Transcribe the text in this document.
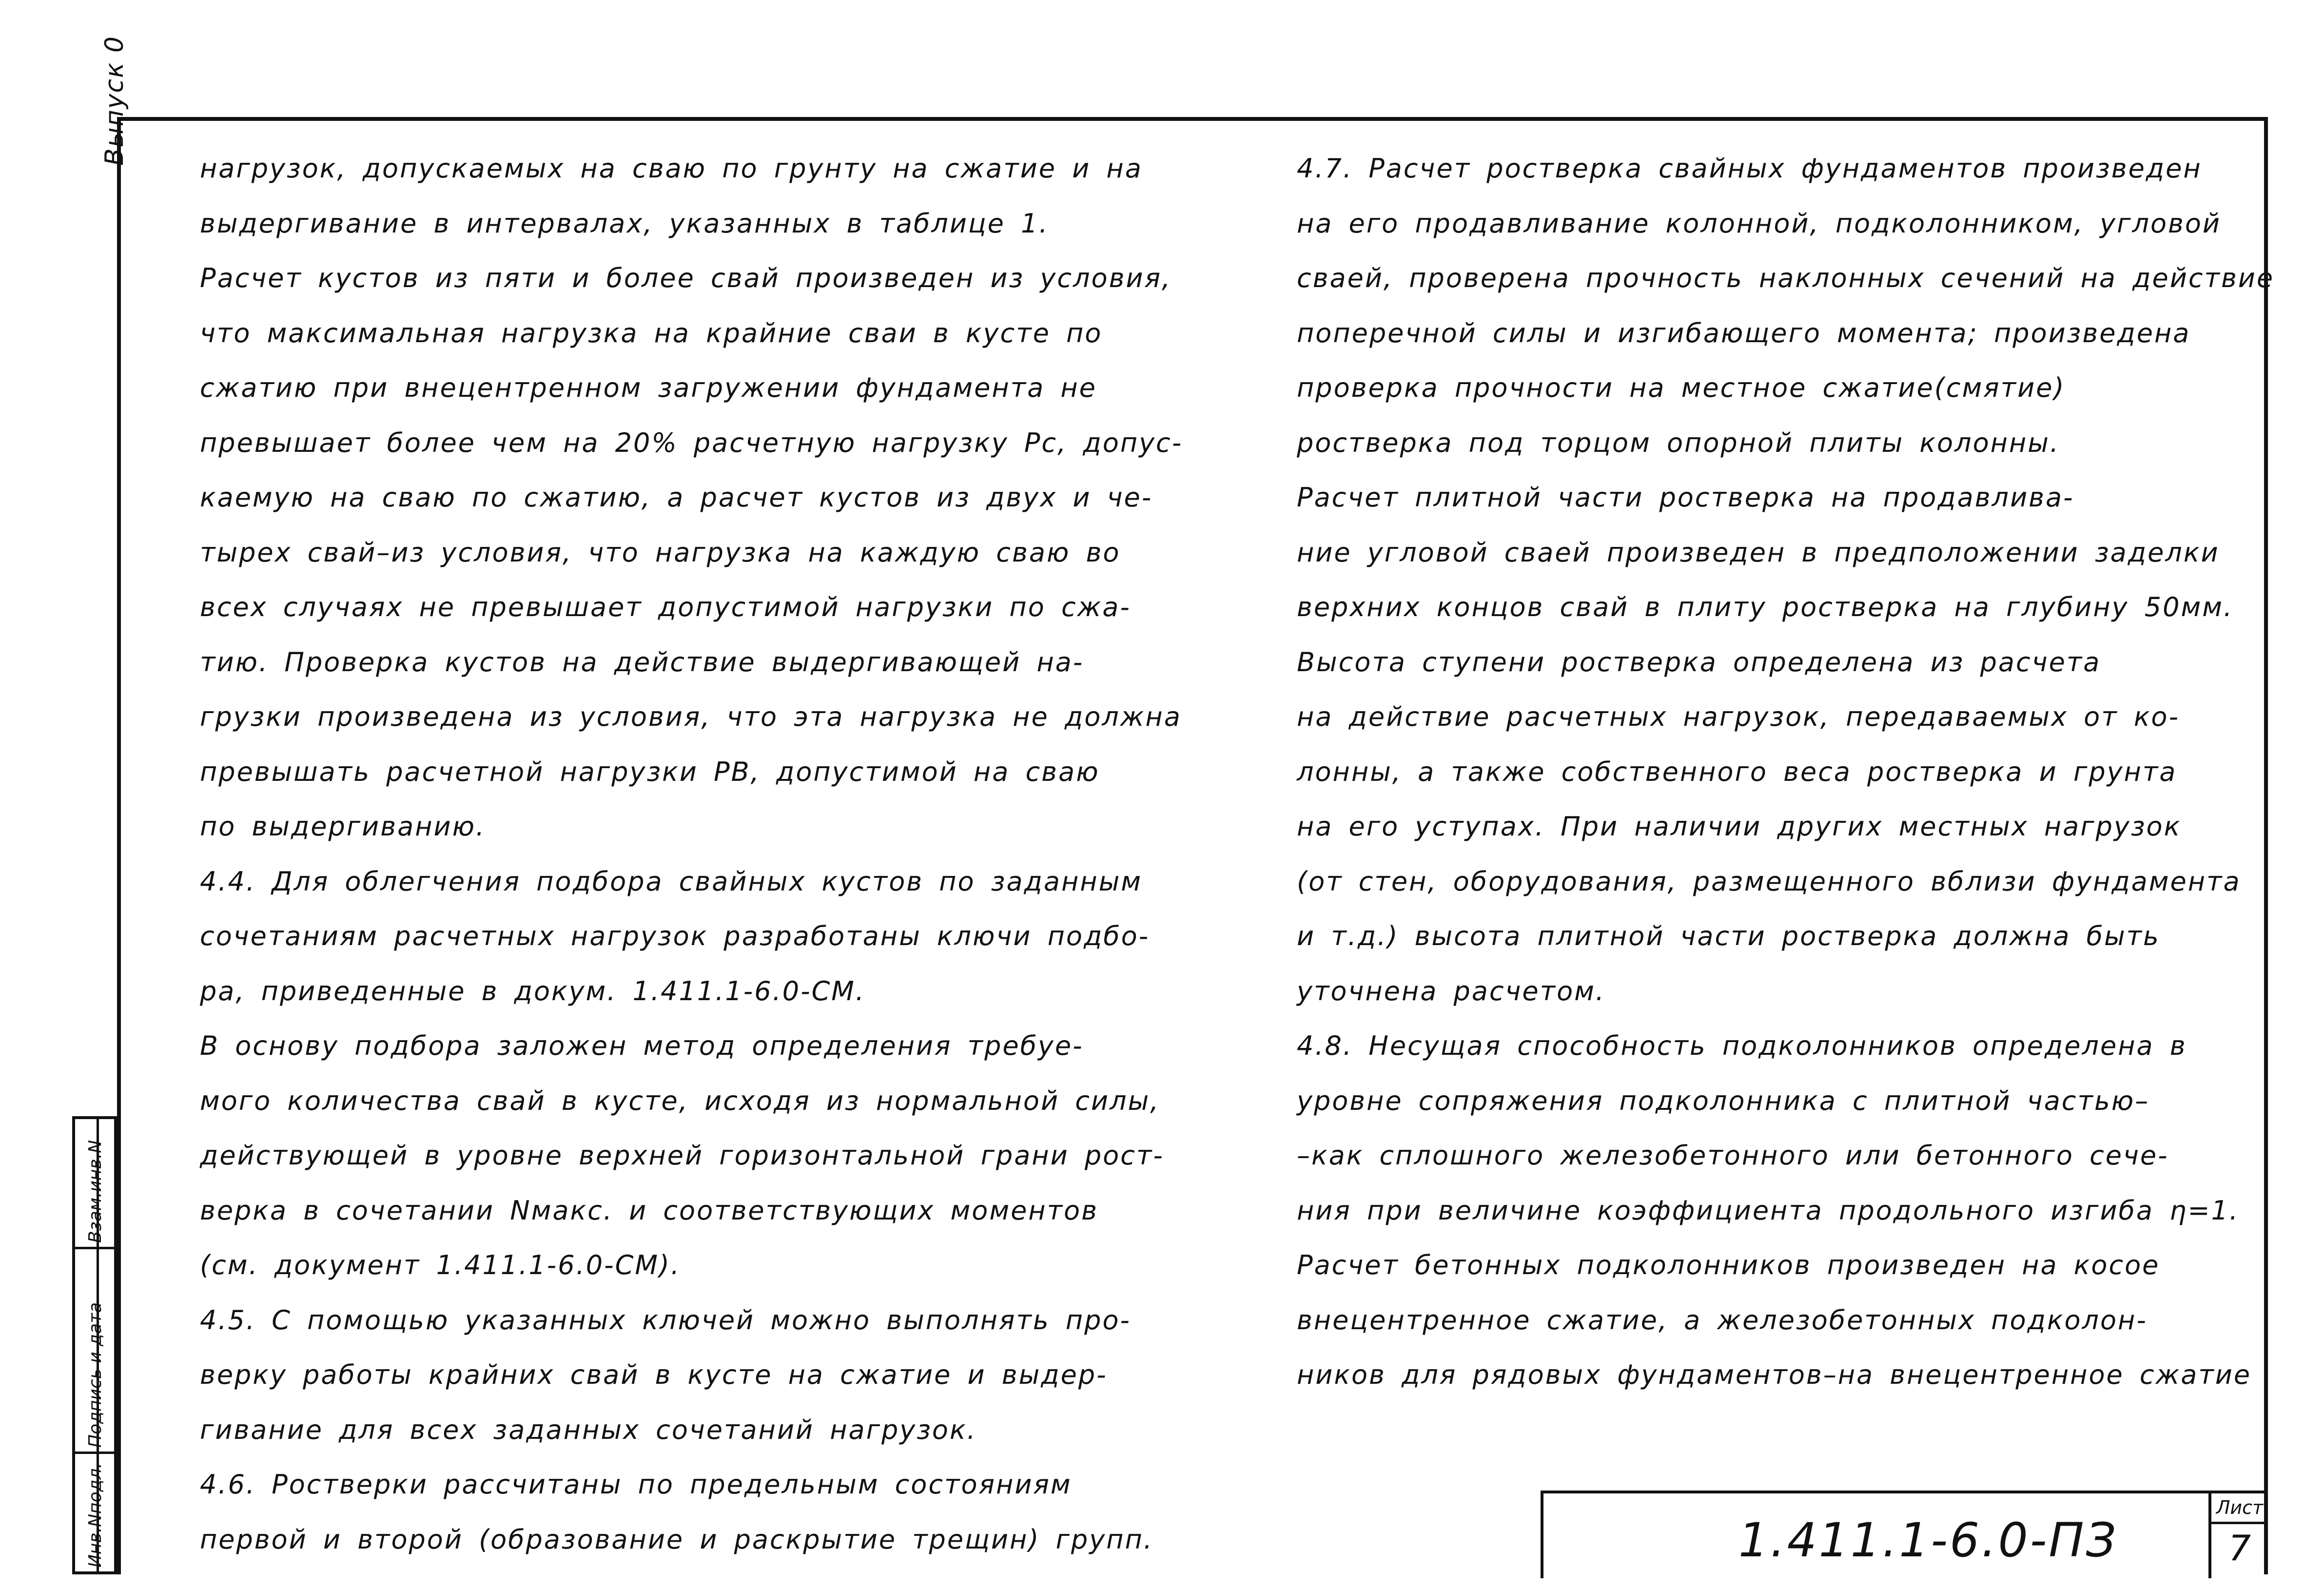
Выпуск 0
Взам.инв.N
Подпись и дата
Инв.Nподл.
нагрузок, допускаемых на сваю по грунту на сжатие и на
выдергивание в интервалах, указанных в таблице 1.
Расчет кустов из пяти и более свай произведен из условия,
что максимальная нагрузка на крайние сваи в кусте по
сжатию при внецентренном загружении фундамента не
превышает более чем на 20% расчетную нагрузку Pc, допус-
каемую на сваю по сжатию, а расчет кустов из двух и че-
тырех свай–из условия, что нагрузка на каждую сваю во
всех случаях не превышает допустимой нагрузки по сжа-
тию. Проверка кустов на действие выдергивающей на-
грузки произведена из условия, что эта нагрузка не должна
превышать расчетной нагрузки PB, допустимой на сваю
по выдергиванию.
4.4. Для облегчения подбора свайных кустов по заданным
сочетаниям расчетных нагрузок разработаны ключи подбо-
ра, приведенные в докум. 1.411.1-6.0-СМ.
В основу подбора заложен метод определения требуе-
мого количества свай в кусте, исходя из нормальной силы,
действующей в уровне верхней горизонтальной грани рост-
верка в сочетании Nмакс. и соответствующих моментов
(см. документ 1.411.1-6.0-СМ).
4.5. С помощью указанных ключей можно выполнять про-
верку работы крайних свай в кусте на сжатие и выдер-
гивание для всех заданных сочетаний нагрузок.
4.6. Ростверки рассчитаны по предельным состояниям
первой и второй (образование и раскрытие трещин) групп.
4.7. Расчет ростверка свайных фундаментов произведен
на его продавливание колонной, подколонником, угловой
сваей, проверена прочность наклонных сечений на действие
поперечной силы и изгибающего момента; произведена
проверка прочности на местное сжатие(смятие)
ростверка под торцом опорной плиты колонны.
Расчет плитной части ростверка на продавлива-
ние угловой сваей произведен в предположении заделки
верхних концов свай в плиту ростверка на глубину 50мм.
Высота ступени ростверка определена из расчета
на действие расчетных нагрузок, передаваемых от ко-
лонны, а также собственного веса ростверка и грунта
на его уступах. При наличии других местных нагрузок
(от стен, оборудования, размещенного вблизи фундамента
и т.д.) высота плитной части ростверка должна быть
уточнена расчетом.
4.8. Несущая способность подколонников определена в
уровне сопряжения подколонника с плитной частью–
–как сплошного железобетонного или бетонного сече-
ния при величине коэффициента продольного изгиба η=1.
Расчет бетонных подколонников произведен на косое
внецентренное сжатие, а железобетонных подколон-
ников для рядовых фундаментов–на внецентренное сжатие
1.411.1-6.0-ПЗ
Лист
7
